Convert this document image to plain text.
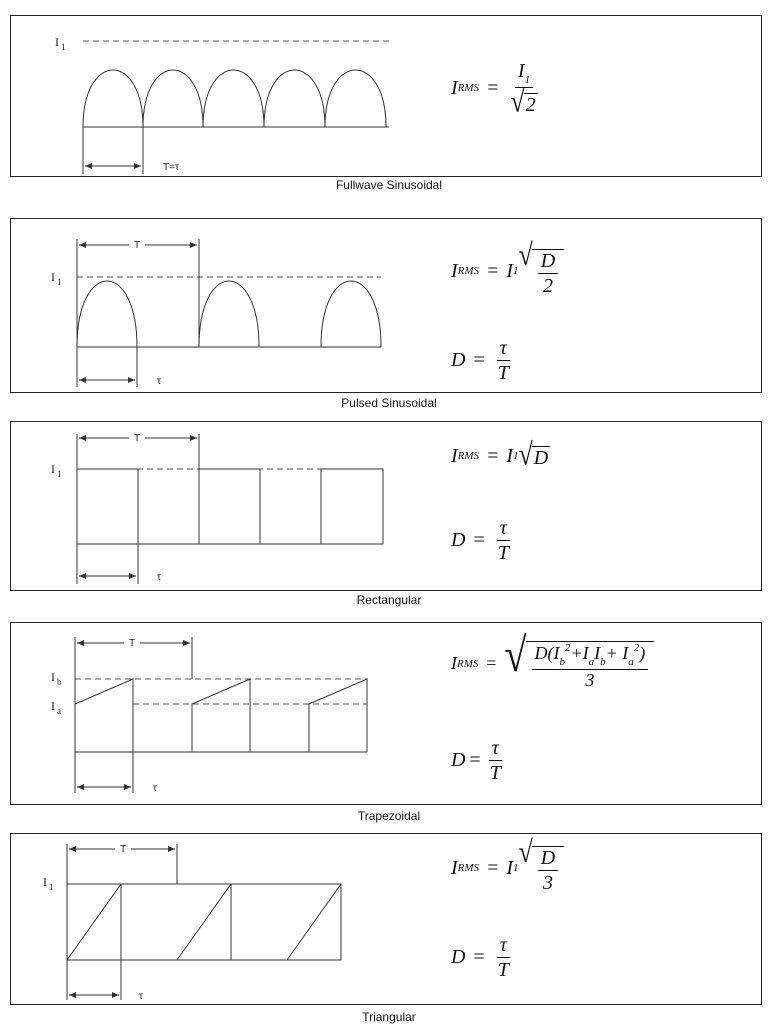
I 1
T=τ
I RMS = $\frac{I_1}{√ 2}$
Fullwave Sinusoidal
I 1
T
τ
I RMS = I 1 √ $\frac{D}{2}$
$D = \frac{\tau}{T}$
Pulsed Sinusoidal
I 1
T
τ
I RMS = I 1 √ D
$D = \frac{\tau}{T}$
Rectangular
I b
I a
T
τ
I RMS = √ $\frac{D(I_b^2+I_aI_b+ I_a^2)}{3}$
$D = \frac{\tau}{T}$
Trapezoidal
I 1
T
τ
I RMS = I 1 √ $\frac{D}{3}$
$D = \frac{\tau}{T}$
Triangular
